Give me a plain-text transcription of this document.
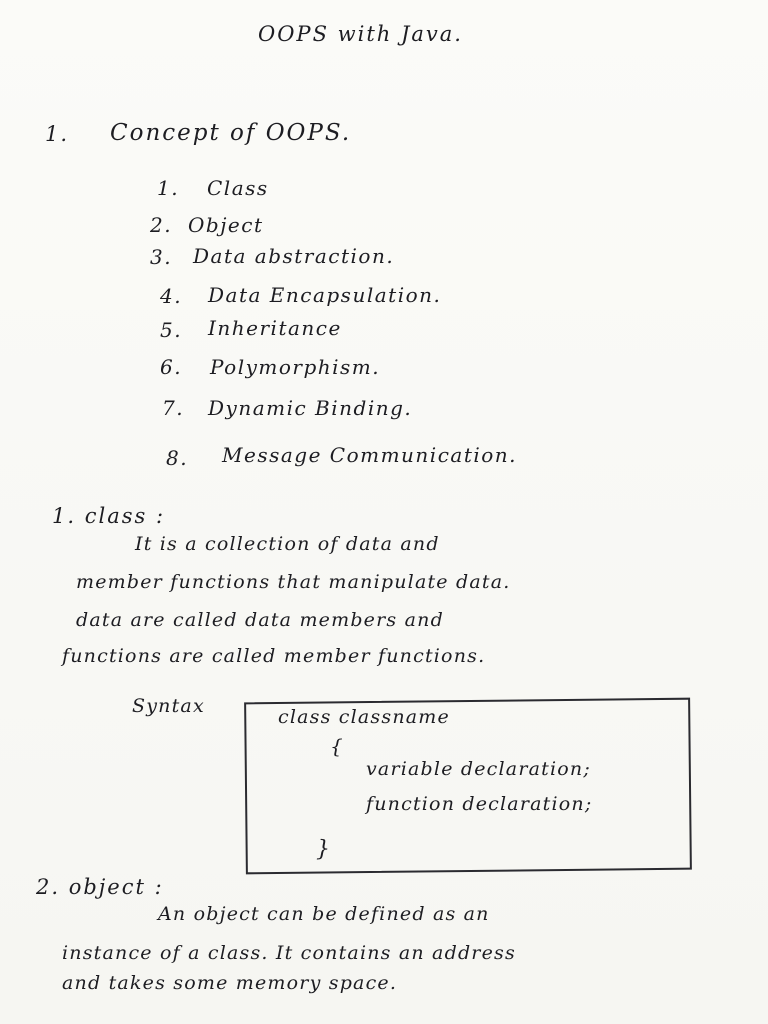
OOPS with Java.
1. Concept of OOPS.
1. Class
2. Object
3. Data abstraction.
4. Data Encapsulation.
5. Inheritance
6. Polymorphism.
7. Dynamic Binding.
8. Message Communication.
1. class :
It is a collection of data and
member functions that manipulate data.
data are called data members and
functions are called member functions.
Syntax	class classname
{
variable declaration;
function declaration;
}
2. object :
An object can be defined as an
instance of a class. It contains an address
and takes some memory space.
